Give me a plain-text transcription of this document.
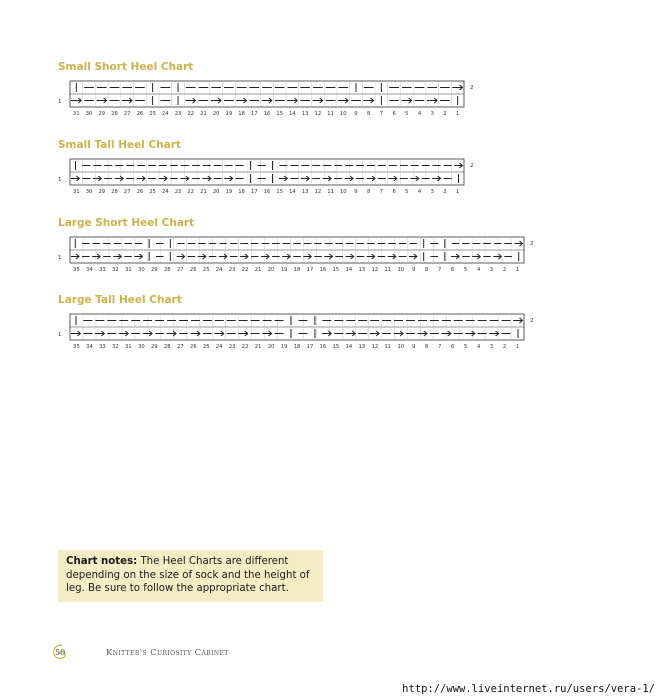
Small Short Heel Chart
2
1
31 30 29 28 27 26 25 24 23 22 21 20 19 18 17 16 15 14 13 12 11 10 9 8 7 6 5 4 3 2 1
Small Tall Heel Chart
2
1
31 30 29 28 27 26 25 24 23 22 21 20 19 18 17 16 15 14 13 12 11 10 9 8 7 6 5 4 3 2 1
Large Short Heel Chart
2
1
35 34 33 32 31 30 29 28 27 26 25 24 23 22 21 20 19 18 17 16 15 14 13 12 11 10 9 8 7 6 5 4 3 2 1
Large Tall Heel Chart
2
1
35 34 33 32 31 30 29 28 27 26 25 24 23 22 21 20 19 18 17 16 15 14 13 12 11 10 9 8 7 6 5 4 3 2 1
Chart notes: The Heel Charts are different depending on the size of sock and the height of leg. Be sure to follow the appropriate chart.
50	Knitter's Curiosity Cabinet
http://www.liveinternet.ru/users/vera-1/
